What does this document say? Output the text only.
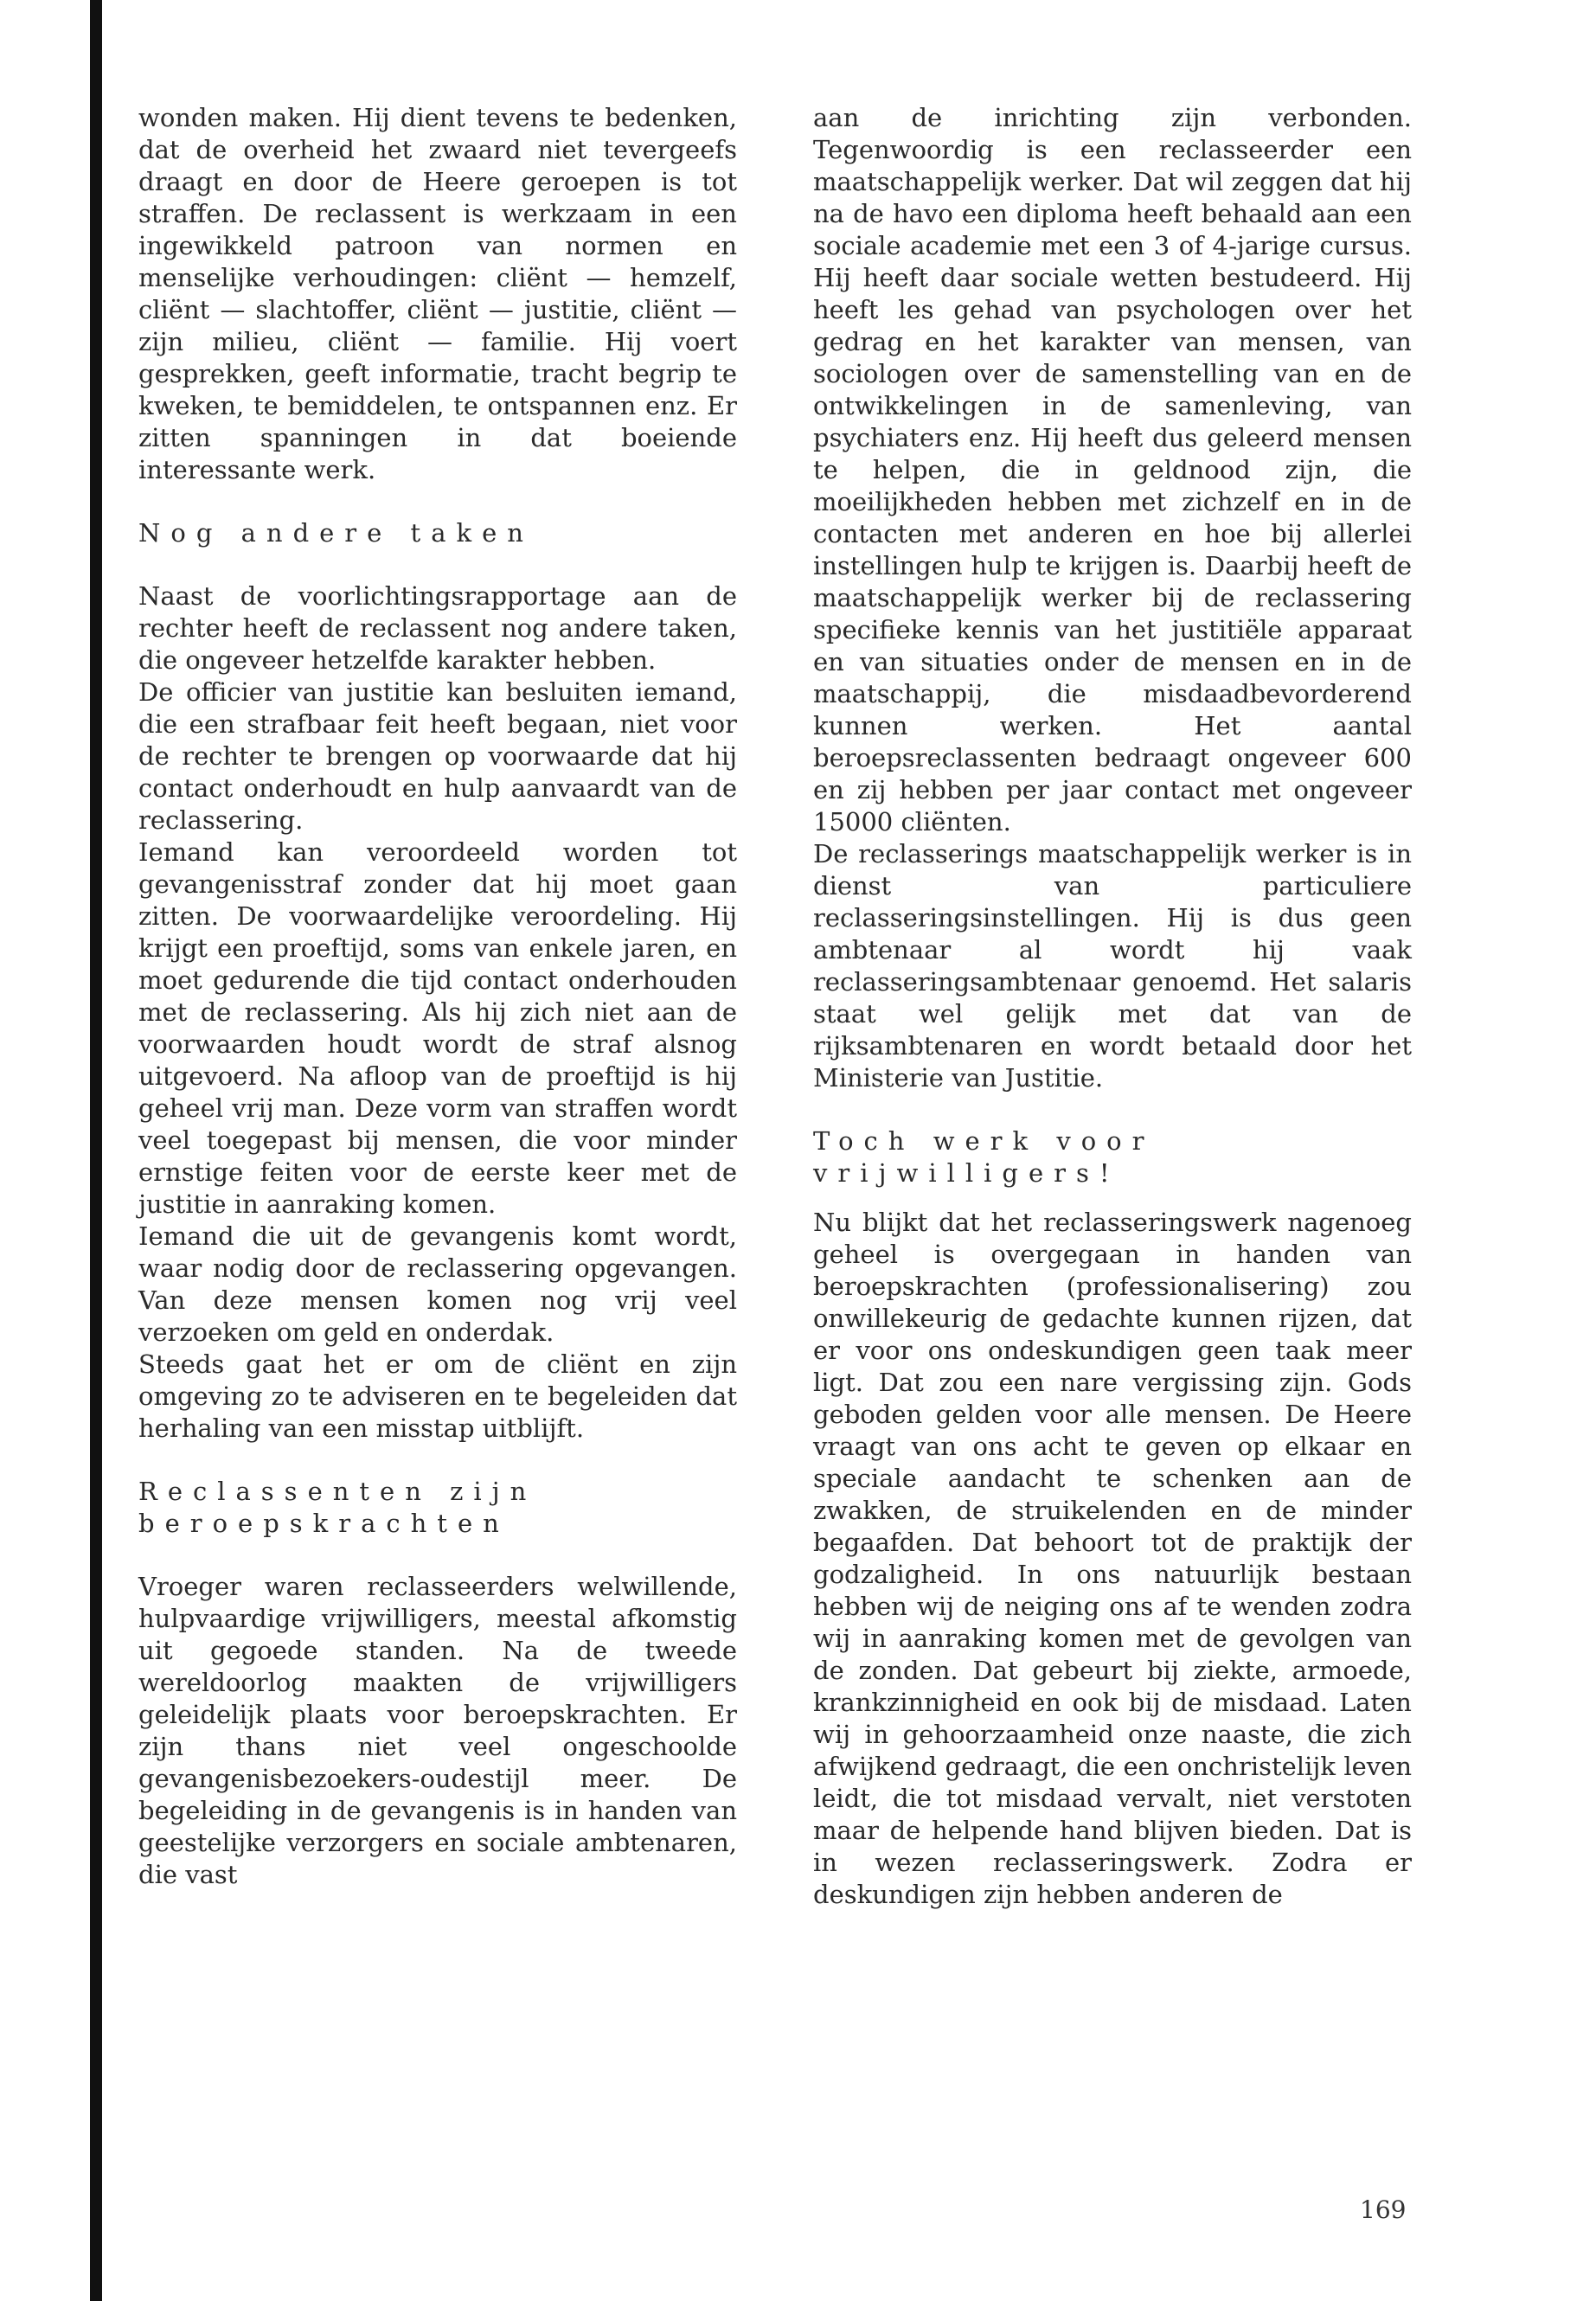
wonden maken. Hij dient tevens te bedenken, dat de overheid het zwaard niet tevergeefs draagt en door de Heere geroepen is tot straffen. De reclassent is werkzaam in een ingewikkeld patroon van normen en menselijke verhoudingen: cliënt — hemzelf, cliënt — slachtoffer, cliënt — justitie, cliënt — zijn milieu, cliënt — familie. Hij voert gesprekken, geeft informatie, tracht begrip te kweken, te bemiddelen, te ontspannen enz. Er zitten spanningen in dat boeiende interessante werk.

Nog andere taken

Naast de voorlichtingsrapportage aan de rechter heeft de reclassent nog andere taken, die ongeveer hetzelfde karakter hebben.

De officier van justitie kan besluiten iemand, die een strafbaar feit heeft begaan, niet voor de rechter te brengen op voorwaarde dat hij contact onderhoudt en hulp aanvaardt van de reclassering.

Iemand kan veroordeeld worden tot gevangenisstraf zonder dat hij moet gaan zitten. De voorwaardelijke veroordeling. Hij krijgt een proeftijd, soms van enkele jaren, en moet gedurende die tijd contact onderhouden met de reclassering. Als hij zich niet aan de voorwaarden houdt wordt de straf alsnog uitgevoerd. Na afloop van de proeftijd is hij geheel vrij man. Deze vorm van straffen wordt veel toegepast bij mensen, die voor minder ernstige feiten voor de eerste keer met de justitie in aanraking komen.

Iemand die uit de gevangenis komt wordt, waar nodig door de reclassering opgevangen. Van deze mensen komen nog vrij veel verzoeken om geld en onderdak.

Steeds gaat het er om de cliënt en zijn omgeving zo te adviseren en te begeleiden dat herhaling van een misstap uitblijft.

Reclassenten zijn beroepskrachten

Vroeger waren reclasseerders welwillende, hulpvaardige vrijwilligers, meestal afkomstig uit gegoede standen. Na de tweede wereldoorlog maakten de vrijwilligers geleidelijk plaats voor beroepskrachten. Er zijn thans niet veel ongeschoolde gevangenisbezoekers-oudestijl meer. De begeleiding in de gevangenis is in handen van geestelijke verzorgers en sociale ambtenaren, die vast

aan de inrichting zijn verbonden. Tegenwoordig is een reclasseerder een maatschappelijk werker. Dat wil zeggen dat hij na de havo een diploma heeft behaald aan een sociale academie met een 3 of 4-jarige cursus. Hij heeft daar sociale wetten bestudeerd. Hij heeft les gehad van psychologen over het gedrag en het karakter van mensen, van sociologen over de samenstelling van en de ontwikkelingen in de samenleving, van psychiaters enz. Hij heeft dus geleerd mensen te helpen, die in geldnood zijn, die moeilijkheden hebben met zichzelf en in de contacten met anderen en hoe bij allerlei instellingen hulp te krijgen is. Daarbij heeft de maatschappelijk werker bij de reclassering specifieke kennis van het justitiële apparaat en van situaties onder de mensen en in de maatschappij, die misdaadbevorderend kunnen werken. Het aantal beroepsreclassenten bedraagt ongeveer 600 en zij hebben per jaar contact met ongeveer 15000 cliënten.

De reclasserings maatschappelijk werker is in dienst van particuliere reclasseringsinstellingen. Hij is dus geen ambtenaar al wordt hij vaak reclasseringsambtenaar genoemd. Het salaris staat wel gelijk met dat van de rijksambtenaren en wordt betaald door het Ministerie van Justitie.

Toch werk voor vrijwilligers!

Nu blijkt dat het reclasseringswerk nagenoeg geheel is overgegaan in handen van beroepskrachten (professionalisering) zou onwillekeurig de gedachte kunnen rijzen, dat er voor ons ondeskundigen geen taak meer ligt. Dat zou een nare vergissing zijn. Gods geboden gelden voor alle mensen. De Heere vraagt van ons acht te geven op elkaar en speciale aandacht te schenken aan de zwakken, de struikelenden en de minder begaafden. Dat behoort tot de praktijk der godzaligheid. In ons natuurlijk bestaan hebben wij de neiging ons af te wenden zodra wij in aanraking komen met de gevolgen van de zonden. Dat gebeurt bij ziekte, armoede, krankzinnigheid en ook bij de misdaad. Laten wij in gehoorzaamheid onze naaste, die zich afwijkend gedraagt, die een onchristelijk leven leidt, die tot misdaad vervalt, niet verstoten maar de helpende hand blijven bieden. Dat is in wezen reclasseringswerk. Zodra er deskundigen zijn hebben anderen de

169
